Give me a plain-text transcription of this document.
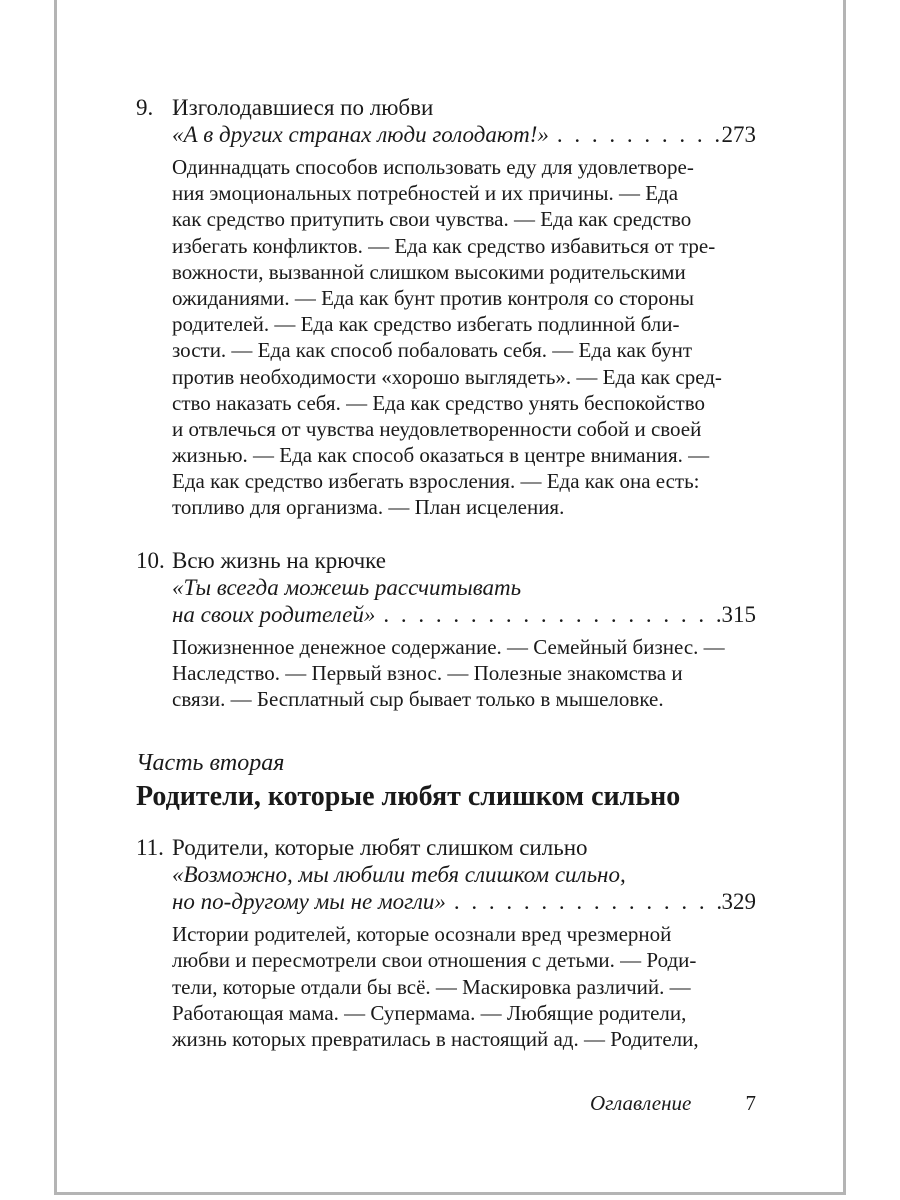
9. Изголодавшиеся по любви
«А в других странах люди голодают!» . . .	273
Одиннадцать способов использовать еду для удовлетворе-
ния эмоциональных потребностей и их причины. — Еда
как средство притупить свои чувства. — Еда как средство
избегать конфликтов. — Еда как средство избавиться от тре-
вожности, вызванной слишком высокими родительскими
ожиданиями. — Еда как бунт против контроля со стороны
родителей. — Еда как средство избегать подлинной бли-
зости. — Еда как способ побаловать себя. — Еда как бунт
против необходимости «хорошо выглядеть». — Еда как сред-
ство наказать себя. — Еда как средство унять беспокойство
и отвлечься от чувства неудовлетворенности собой и своей
жизнью. — Еда как способ оказаться в центре внимания. —
Еда как средство избегать взросления. — Еда как она есть:
топливо для организма. — План исцеления.
10. Всю жизнь на крючке
«Ты всегда можешь рассчитывать
на своих родителей» . . .	315
Пожизненное денежное содержание. — Семейный бизнес. —
Наследство. — Первый взнос. — Полезные знакомства и
связи. — Бесплатный сыр бывает только в мышеловке.
Часть вторая
Родители, которые любят слишком сильно
11. Родители, которые любят слишком сильно
«Возможно, мы любили тебя слишком сильно,
но по-другому мы не могли» . . .	329
Истории родителей, которые осознали вред чрезмерной
любви и пересмотрели свои отношения с детьми. — Роди-
тели, которые отдали бы всё. — Маскировка различий. —
Работающая мама. — Супермама. — Любящие родители,
жизнь которых превратилась в настоящий ад. — Родители,
Оглавление	7
